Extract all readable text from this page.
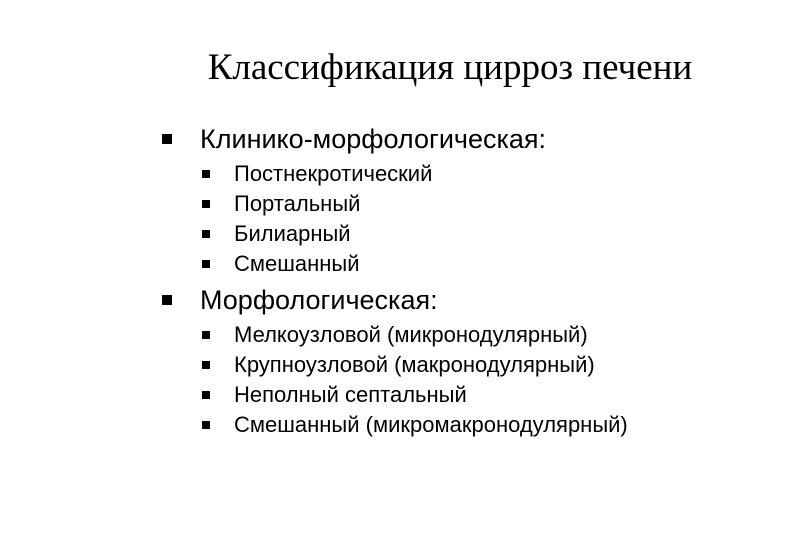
Классификация цирроз печени
Клинико-морфологическая:
Постнекротический
Портальный
Билиарный
Смешанный
Морфологическая:
Мелкоузловой (микронодулярный)
Крупноузловой (макронодулярный)
Неполный септальный
Смешанный (микромакронодулярный)
